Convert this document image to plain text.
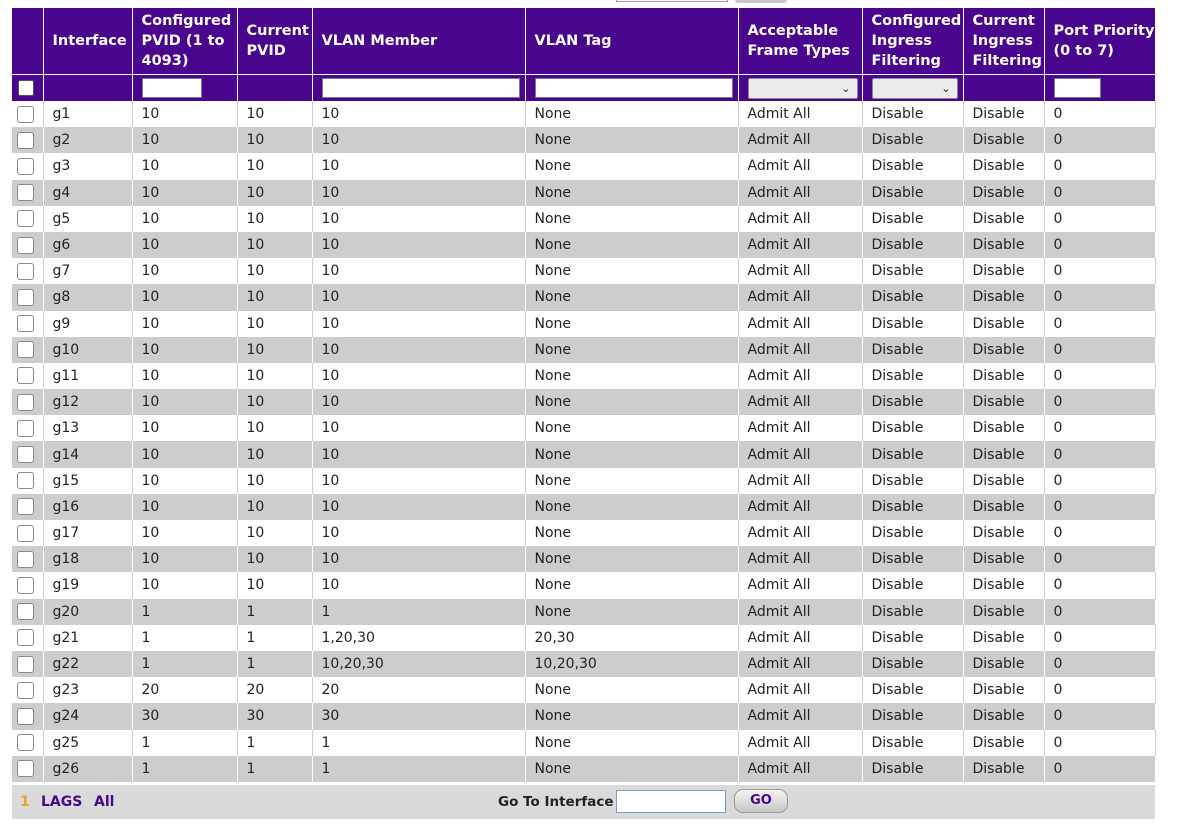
	Interface	Configured PVID (1 to 4093)	Current PVID	VLAN Member	VLAN Tag	Acceptable Frame Types	Configured Ingress Filtering	Current Ingress Filtering	Port Priority (0 to 7)

						⌄	⌄		

	g1	10	10	10	None	Admit All	Disable	Disable	0
	g2	10	10	10	None	Admit All	Disable	Disable	0
	g3	10	10	10	None	Admit All	Disable	Disable	0
	g4	10	10	10	None	Admit All	Disable	Disable	0
	g5	10	10	10	None	Admit All	Disable	Disable	0
	g6	10	10	10	None	Admit All	Disable	Disable	0
	g7	10	10	10	None	Admit All	Disable	Disable	0
	g8	10	10	10	None	Admit All	Disable	Disable	0
	g9	10	10	10	None	Admit All	Disable	Disable	0
	g10	10	10	10	None	Admit All	Disable	Disable	0
	g11	10	10	10	None	Admit All	Disable	Disable	0
	g12	10	10	10	None	Admit All	Disable	Disable	0
	g13	10	10	10	None	Admit All	Disable	Disable	0
	g14	10	10	10	None	Admit All	Disable	Disable	0
	g15	10	10	10	None	Admit All	Disable	Disable	0
	g16	10	10	10	None	Admit All	Disable	Disable	0
	g17	10	10	10	None	Admit All	Disable	Disable	0
	g18	10	10	10	None	Admit All	Disable	Disable	0
	g19	10	10	10	None	Admit All	Disable	Disable	0
	g20	1	1	1	None	Admit All	Disable	Disable	0
	g21	1	1	1,20,30	20,30	Admit All	Disable	Disable	0
	g22	1	1	10,20,30	10,20,30	Admit All	Disable	Disable	0
	g23	20	20	20	None	Admit All	Disable	Disable	0
	g24	30	30	30	None	Admit All	Disable	Disable	0
	g25	1	1	1	None	Admit All	Disable	Disable	0
	g26	1	1	1	None	Admit All	Disable	Disable	0
1 LAGS All	Go To Interface	GO
